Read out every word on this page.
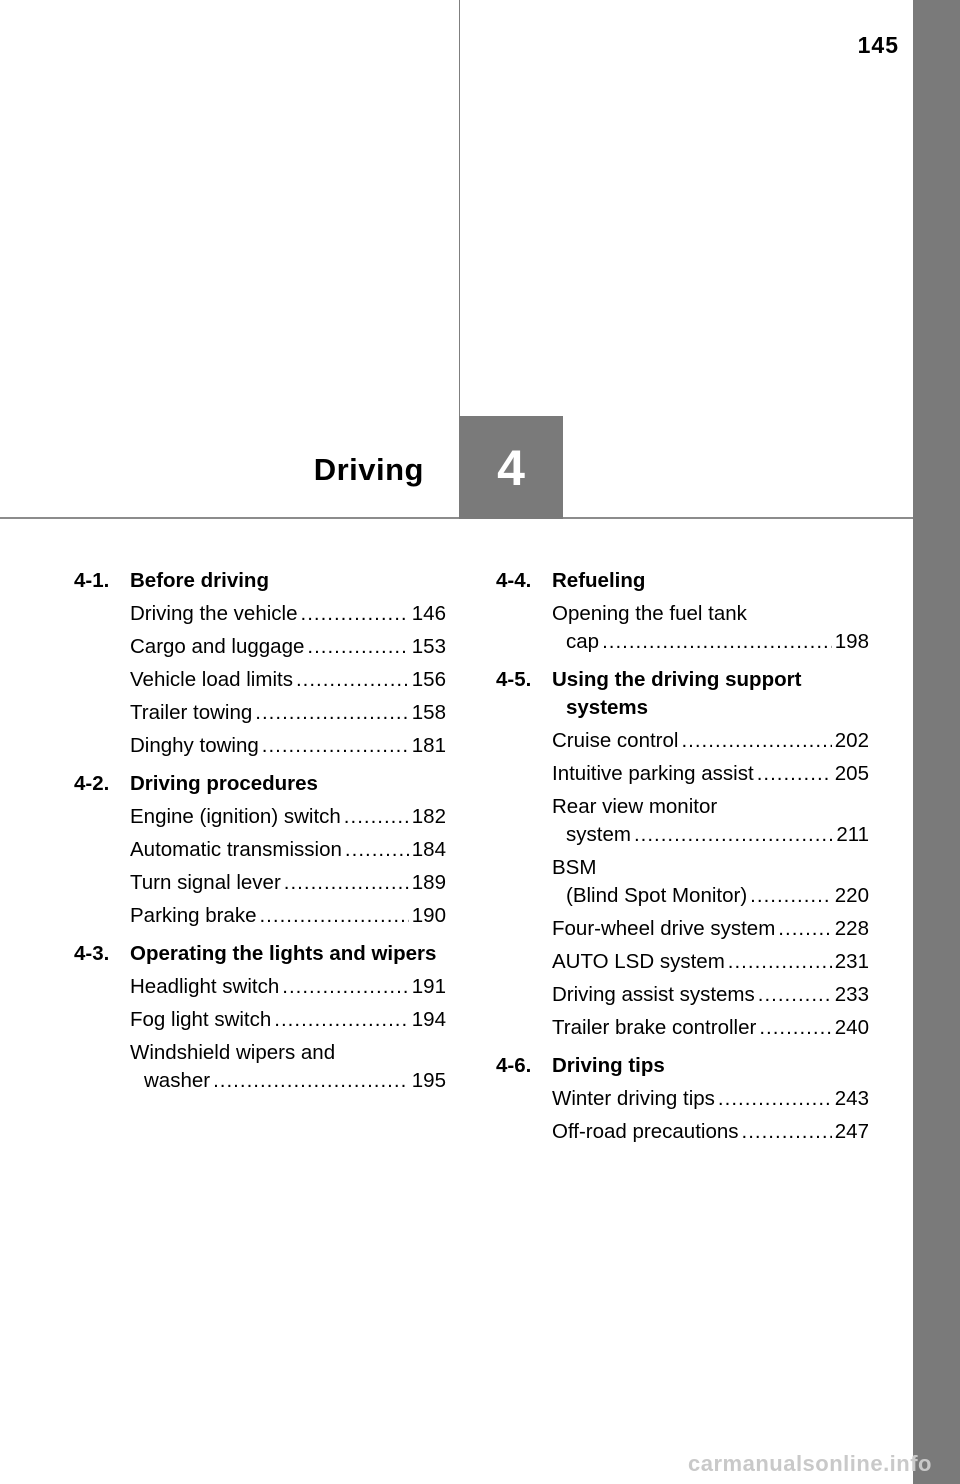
145
Driving 4
4-1.	Before driving
Driving the vehicle .....	146
Cargo and luggage .....	153
Vehicle load limits .....	156
Trailer towing .....	158
Dinghy towing .....	181
4-2.	Driving procedures
Engine (ignition) switch .....	182
Automatic transmission .....	184
Turn signal lever .....	189
Parking brake .....	190
4-3.	Operating the lights and wipers
Headlight switch .....	191
Fog light switch .....	194
Windshield wipers and
washer .....	195
4-4.	Refueling
Opening the fuel tank
cap .....	198
4-5.	Using the driving support systems
Cruise control .....	202
Intuitive parking assist .....	205
Rear view monitor
system .....	211
BSM
(Blind Spot Monitor) .....	220
Four-wheel drive system .....	228
AUTO LSD system .....	231
Driving assist systems .....	233
Trailer brake controller .....	240
4-6.	Driving tips
Winter driving tips .....	243
Off-road precautions .....	247
carmanualsonline.info
